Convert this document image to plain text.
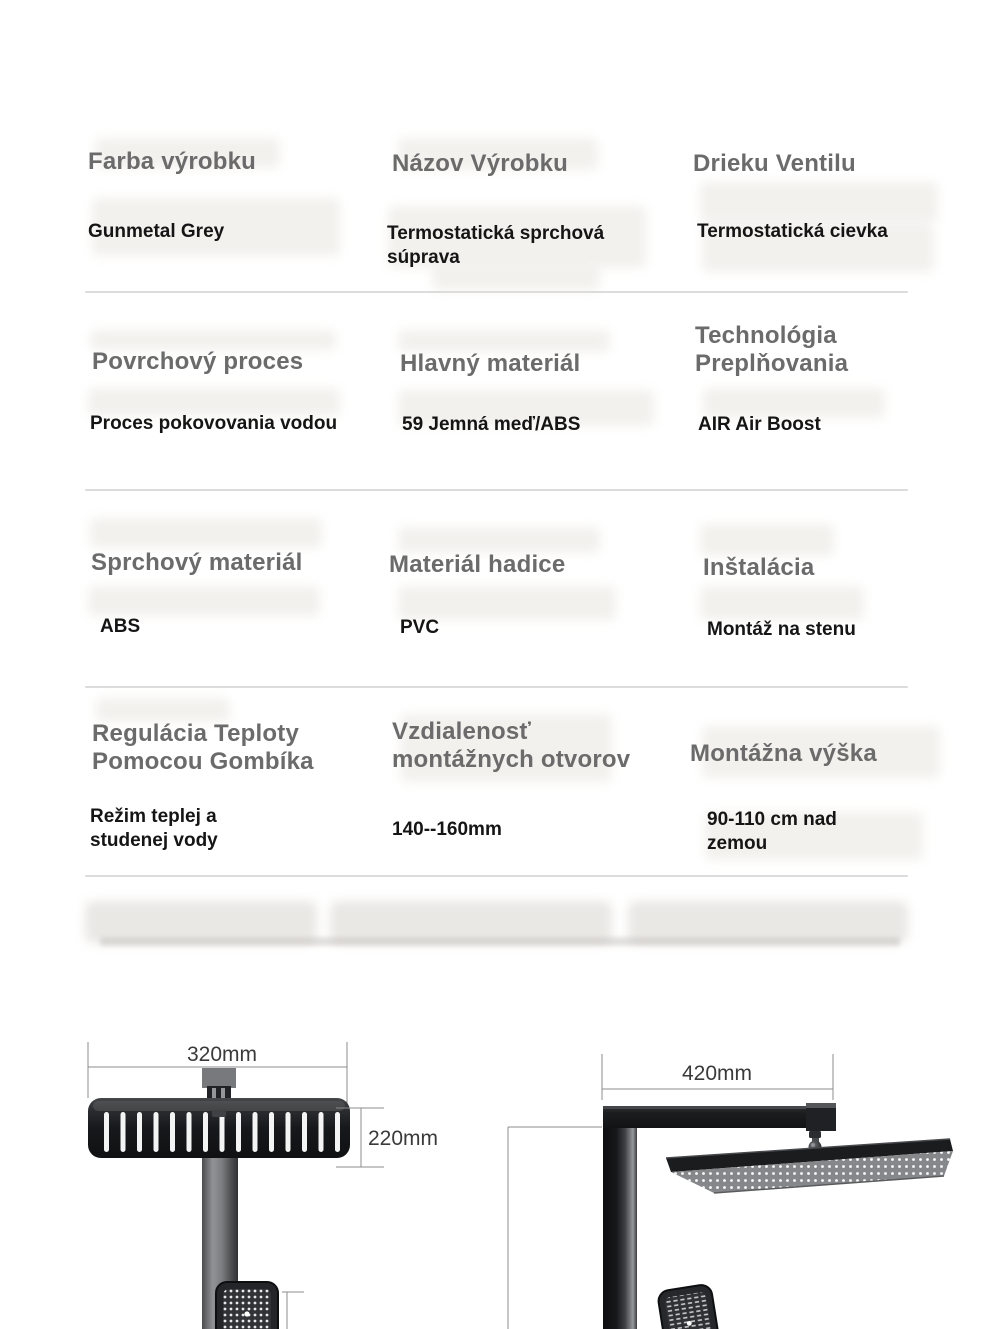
Farba výrobku
Gunmetal Grey
Názov Výrobku
Termostatická sprchová súprava
Drieku Ventilu
Termostatická cievka
Povrchový proces
Proces pokovovania vodou
Hlavný materiál
59 Jemná meď/ABS
Technológia Preplňovania
AIR Air Boost
Sprchový materiál
ABS
Materiál hadice
PVC
Inštalácia
Montáž na stenu
Regulácia Teploty Pomocou Gombíka
Režim teplej a studenej vody
Vzdialenosť montážnych otvorov
140--160mm
Montážna výška
90-110 cm nad zemou
320mm
220mm
420mm
